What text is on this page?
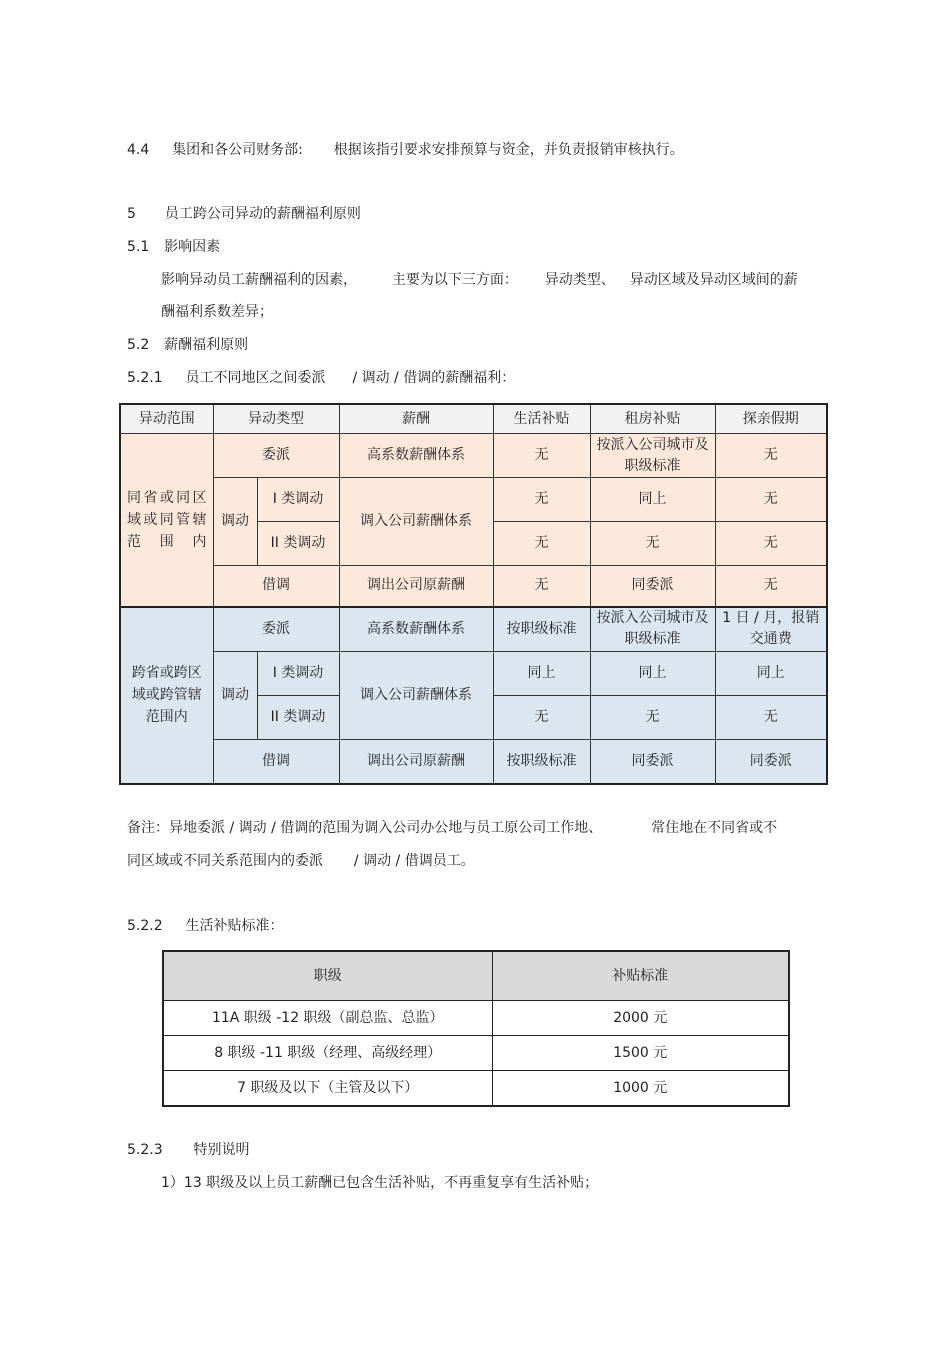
4.4 集团和各公司财务部: 根据该指引要求安排预算与资金，并负责报销审核执行。
5 员工跨公司异动的薪酬福利原则
5.1 影响因素
影响异动员工薪酬福利的因素， 主要为以下三方面： 异动类型、 异动区域及异动区域间的薪
酬福利系数差异；
5.2 薪酬福利原则
5.2.1 员工不同地区之间委派 / 调动 / 借调的薪酬福利：
异动范围	异动类型		薪酬	生活补贴	租房补贴	探亲假期
同省或同区域或同管辖范围内	委派		高系数薪酬体系	无	按派入公司城市及职级标准	无
	调动	I 类调动	调入公司薪酬体系	无	同上	无
		II 类调动		无	无	无
	借调		调出公司原薪酬	无	同委派	无
跨省或跨区域或跨管辖范围内	委派		高系数薪酬体系	按职级标准	按派入公司城市及职级标准	1 日 / 月，报销交通费
	调动	I 类调动	调入公司薪酬体系	同上	同上	同上
		II 类调动		无	无	无
	借调		调出公司原薪酬	按职级标准	同委派	同委派
备注：异地委派 / 调动 / 借调的范围为调入公司办公地与员工原公司工作地、	常住地在不同省或不
同区域或不同关系范围内的委派 / 调动 / 借调员工。
5.2.2 生活补贴标准：
职级	补贴标准
11A 职级 -12 职级（副总监、总监）	2000 元
8 职级 -11 职级（经理、高级经理）	1500 元
7 职级及以下（主管及以下）	1000 元
5.2.3 特别说明
1）13 职级及以上员工薪酬已包含生活补贴，不再重复享有生活补贴；
